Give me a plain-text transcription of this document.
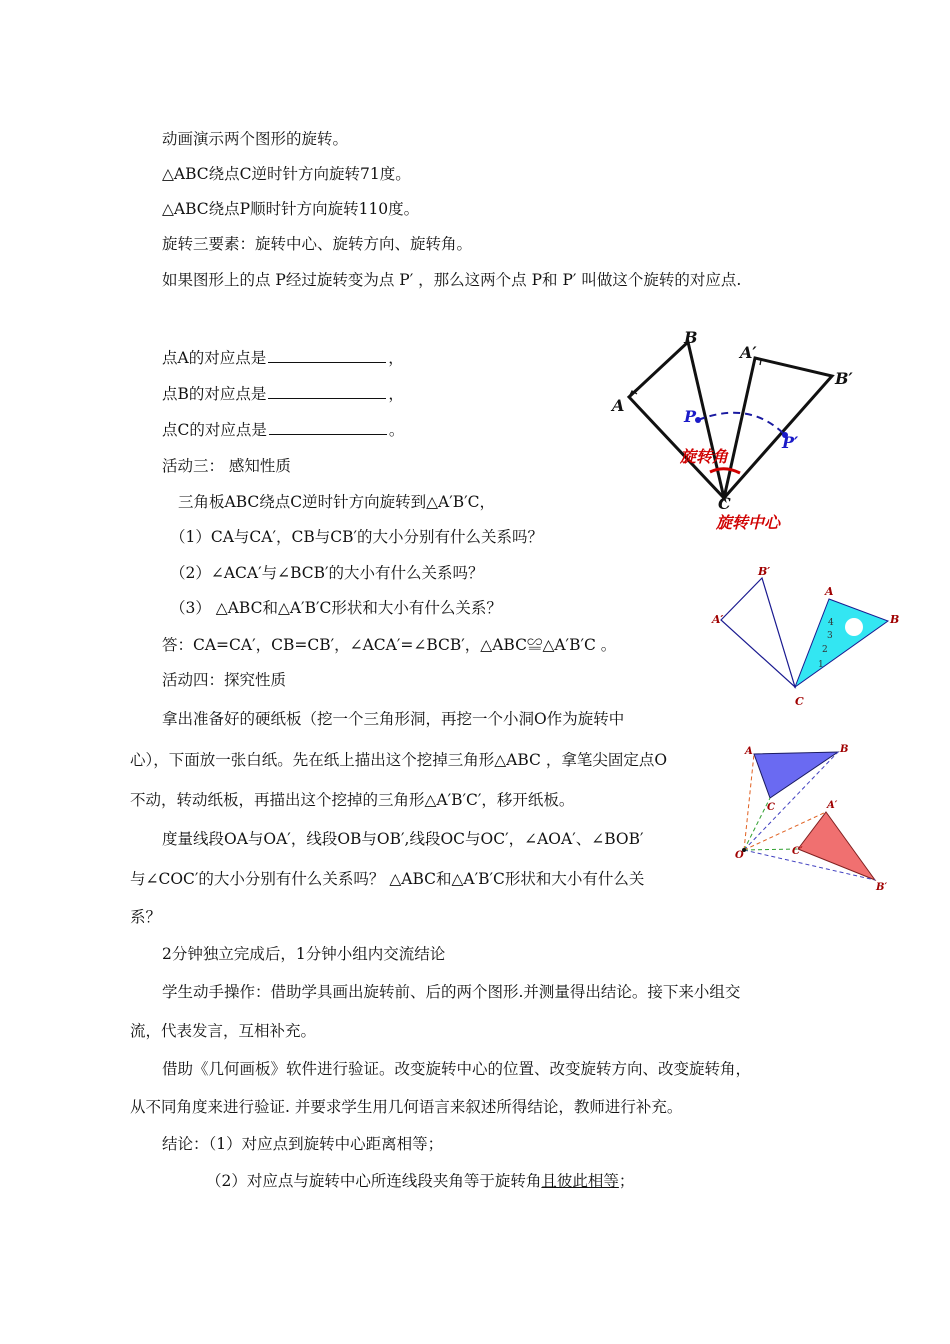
动画演示两个图形的旋转。
△ABC绕点C逆时针方向旋转71度。
△ABC绕点P顺时针方向旋转110度。
旋转三要素：旋转中心、旋转方向、旋转角。
如果图形上的点 P经过旋转变为点 P′ ，那么这两个点 P和 P′ 叫做这个旋转的对应点.
点A的对应点是	，
点B的对应点是	，
点C的对应点是	。
活动三： 感知性质
三角板ABC绕点C逆时针方向旋转到△A′B′C，
（1）CA与CA′，CB与CB′的大小分别有什么关系吗？
（2）∠ACA′与∠BCB′的大小有什么关系吗？
（3） △ABC和△A′B′C形状和大小有什么关系？
答：CA=CA′，CB=CB′，∠ACA′=∠BCB′，△ABC≌△A′B′C 。
活动四：探究性质
拿出准备好的硬纸板（挖一个三角形洞，再挖一个小洞O作为旋转中
心），下面放一张白纸。先在纸上描出这个挖掉三角形△ABC ，拿笔尖固定点O
不动，转动纸板，再描出这个挖掉的三角形△A′B′C′，移开纸板。
度量线段OA与OA′，线段OB与OB′,线段OC与OC′，∠AOA′、∠BOB′
与∠COC′的大小分别有什么关系吗？ △ABC和△A′B′C形状和大小有什么关
系？
2分钟独立完成后，1分钟小组内交流结论
学生动手操作：借助学具画出旋转前、后的两个图形.并测量得出结论。接下来小组交
流，代表发言，互相补充。
借助《几何画板》软件进行验证。改变旋转中心的位置、改变旋转方向、改变旋转角，
从不同角度来进行验证. 并要求学生用几何语言来叙述所得结论，教师进行补充。
结论：（1）对应点到旋转中心距离相等；
（2）对应点与旋转中心所连线段夹角等于旋转角且彼此相等；
A
B
C
A′
B′
P
P′
旋转角
旋转中心
A′
B′
A
B
C
4
3
2
1
A	B
C	A′
B′
C′
O
